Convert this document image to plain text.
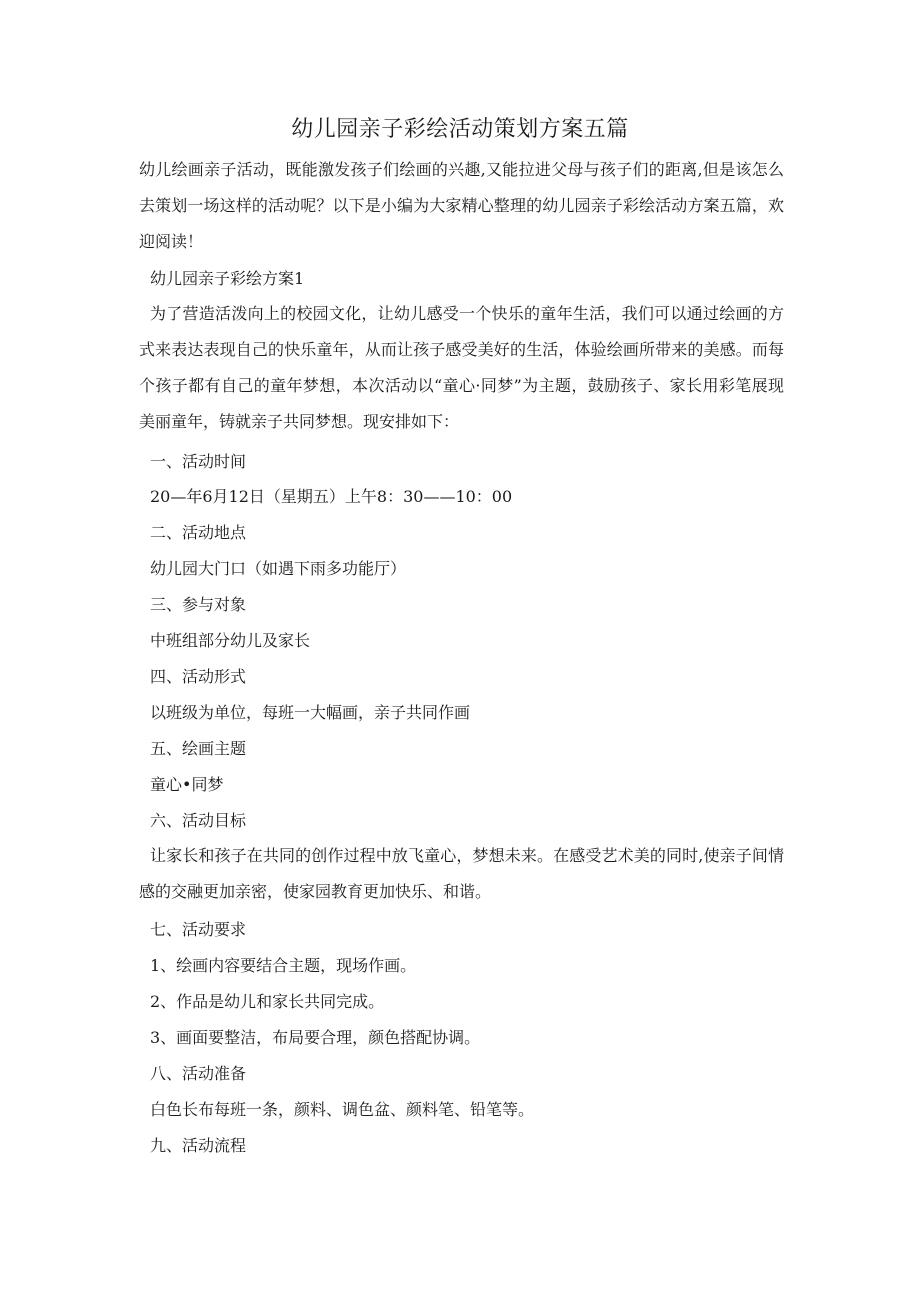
幼儿园亲子彩绘活动策划方案五篇

幼儿绘画亲子活动，既能激发孩子们绘画的兴趣,又能拉进父母与孩子们的距离,但是该怎么去策划一场这样的活动呢？以下是小编为大家精心整理的幼儿园亲子彩绘活动方案五篇，欢迎阅读！

幼儿园亲子彩绘方案1

为了营造活泼向上的校园文化，让幼儿感受一个快乐的童年生活，我们可以通过绘画的方式来表达表现自己的快乐童年，从而让孩子感受美好的生活，体验绘画所带来的美感。而每个孩子都有自己的童年梦想，本次活动以“童心·同梦”为主题，鼓励孩子、家长用彩笔展现美丽童年，铸就亲子共同梦想。现安排如下：

一、活动时间
20—年6月12日（星期五）上午8：30——10：00
二、活动地点
幼儿园大门口（如遇下雨多功能厅）
三、参与对象
中班组部分幼儿及家长
四、活动形式
以班级为单位，每班一大幅画，亲子共同作画
五、绘画主题
童心•同梦
六、活动目标

让家长和孩子在共同的创作过程中放飞童心，梦想未来。在感受艺术美的同时,使亲子间情感的交融更加亲密，使家园教育更加快乐、和谐。

七、活动要求
1、绘画内容要结合主题，现场作画。
2、作品是幼儿和家长共同完成。
3、画面要整洁，布局要合理，颜色搭配协调。
八、活动准备
白色长布每班一条，颜料、调色盆、颜料笔、铅笔等。
九、活动流程
